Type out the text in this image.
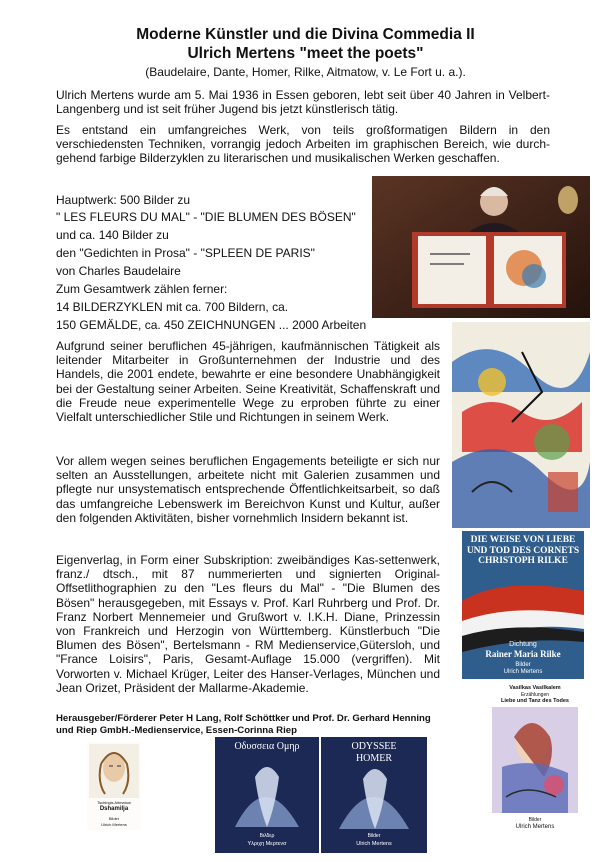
Moderne Künstler und die Divina Commedia II
Ulrich Mertens "meet the poets"
(Baudelaire, Dante, Homer, Rilke, Aitmatow, v. Le Fort u. a.).
Ulrich Mertens wurde am 5. Mai 1936 in Essen geboren, lebt seit über 40 Jahren in Velbert-Langenberg und ist seit früher Jugend bis jetzt künstlerisch tätig.
Es entstand ein umfangreiches Werk, von teils großformatigen Bildern in den verschiedensten Techniken, vorrangig jedoch Arbeiten im graphischen Bereich, wie durch-gehend farbige Bilderzyklen zu literarischen und musikalischen Werken geschaffen.
Hauptwerk: 500 Bilder zu
" LES FLEURS DU MAL" - "DIE BLUMEN DES BÖSEN"
und ca. 140 Bilder zu
den "Gedichten in Prosa" - "SPLEEN DE PARIS"
von Charles Baudelaire
Zum Gesamtwerk zählen ferner:
14 BILDERZYKLEN mit ca. 700 Bildern, ca.
150 GEMÄLDE, ca. 450 ZEICHNUNGEN ... 2000 Arbeiten
Aufgrund seiner beruflichen 45-jährigen, kaufmännischen Tätigkeit als leitender Mitarbeiter in Großunternehmen der Industrie und des Handels, die 2001 endete, bewahrte er eine besondere Unabhängigkeit bei der Gestaltung seiner Arbeiten. Seine Kreativität, Schaffenskraft und die Freude neue experimentelle Wege zu erproben führte zu einer Vielfalt unterschiedlicher Stile und Richtungen in seinem Werk.
Vor allem wegen seines beruflichen Engagements beteiligte er sich nur selten an Ausstellungen, arbeitete nicht mit Galerien zusammen und pflegte nur unsystematisch entsprechende Öffentlichkeitsarbeit, so daß das umfangreiche Lebenswerk im Bereichvon Kunst und Kultur, außer den folgenden Aktivitäten, bisher vornehmlich Insidern bekannt ist.
Eigenverlag, in Form einer Subskription: zweibändiges Kas-settenwerk, franz./ dtsch., mit 87 nummerierten und signierten Original-Offsetlithographien zu den "Les fleurs du Mal" - "Die Blumen des Bösen" herausgegeben, mit Essays v. Prof. Karl Ruhrberg und Prof. Dr. Franz Norbert Mennemeier und Grußwort v. I.K.H. Diane, Prinzessin von Frankreich und Herzogin von Württemberg. Künstlerbuch "Die Blumen des Bösen", Bertelsmann - RM Medienservice,Gütersloh, und "France Loisirs", Paris, Gesamt-Auflage 15.000 (vergriffen). Mit Vorworten v. Michael Krüger, Leiter des Hanser-Verlages, München und Jean Orizet, Präsident der Mallarme-Akademie.
Herausgeber/Förderer Peter H Lang, Rolf Schöttker und Prof. Dr. Gerhard Henning und Riep GmbH.-Medienservice, Essen-Corinna Riep
DIE WEISE VON LIEBE UND TOD DES CORNETS CHRISTOPH RILKE
Dichtung
Rainer Maria Rilke
Bilder
Ulrich Mertens
Vasilkas Vasilkalem
Erzählungen
Liebe und Tanz des Todes
Bilder
Ulrich Mertens
Tschingis Aitmatow
Dshamilja
Bilder
Ulrich Mertens
Οδυσσεια Ομηρ
Βιλδερ
Υλριχη Μερτενσ
ODYSSEE
HOMER
Bilder
Ulrich Mertens
